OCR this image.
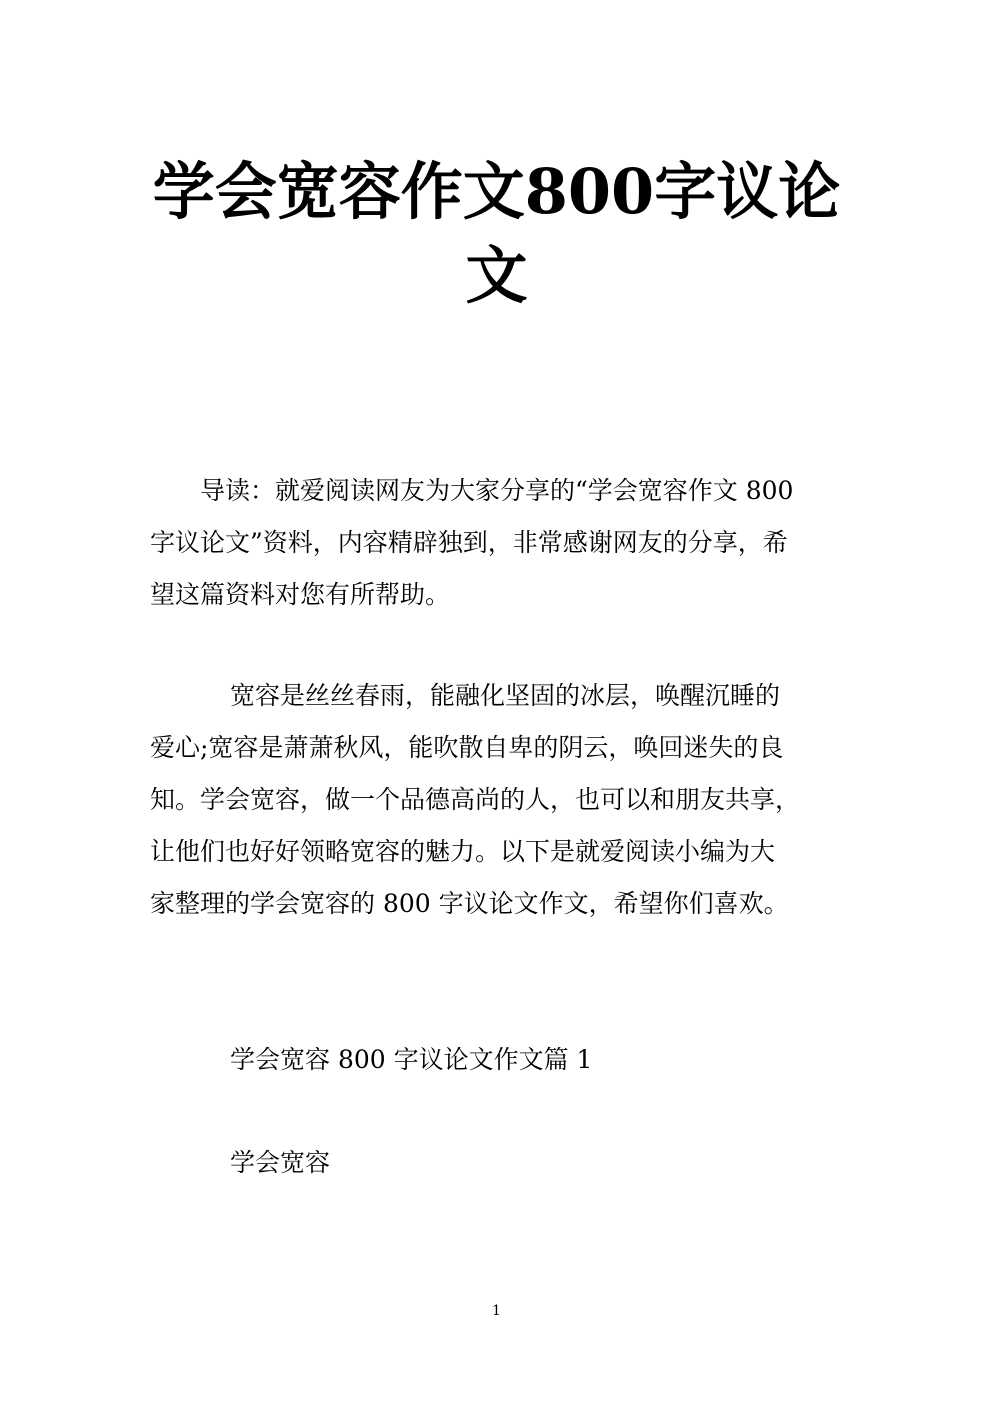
学会宽容作文800字议论
文

导读：就爱阅读网友为大家分享的“学会宽容作文 800
字议论文”资料，内容精辟独到，非常感谢网友的分享，希
望这篇资料对您有所帮助。

宽容是丝丝春雨，能融化坚固的冰层，唤醒沉睡的
爱心;宽容是萧萧秋风，能吹散自卑的阴云，唤回迷失的良
知。学会宽容，做一个品德高尚的人，也可以和朋友共享，
让他们也好好领略宽容的魅力。以下是就爱阅读小编为大
家整理的学会宽容的 800 字议论文作文，希望你们喜欢。

学会宽容 800 字议论文作文篇 1

学会宽容

1
